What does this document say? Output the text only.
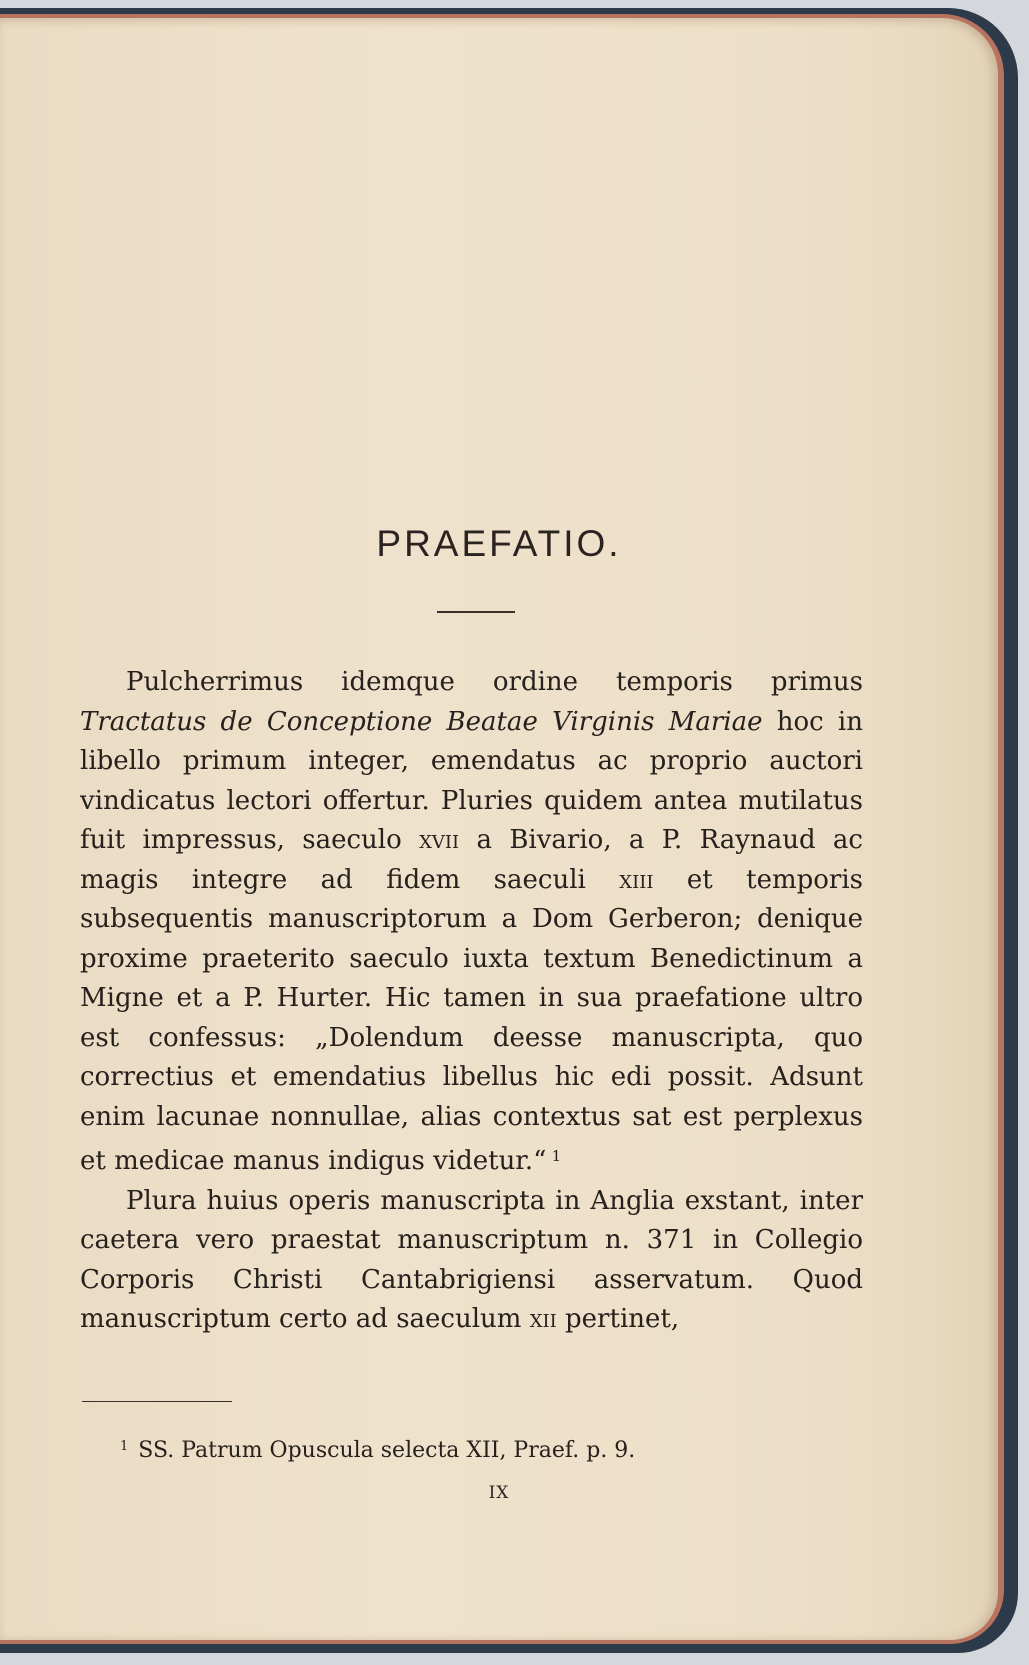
PRAEFATIO.

Pulcherrimus idemque ordine temporis primus Tractatus de Conceptione Beatae Virginis Mariae hoc in libello primum integer, emendatus ac proprio auctori vindicatus lectori offertur. Pluries quidem antea mutilatus fuit impressus, saeculo xvii a Bivario, a P. Raynaud ac magis integre ad fidem saeculi xiii et temporis subsequentis manuscriptorum a Dom Gerberon; denique proxime praeterito saeculo iuxta textum Benedictinum a Migne et a P. Hurter. Hic tamen in sua praefatione ultro est confessus: „Dolendum deesse manuscripta, quo correctius et emendatius libellus hic edi possit. Adsunt enim lacunae nonnullae, alias contextus sat est perplexus et medicae manus indigus videtur.“  $^1$

Plura huius operis manuscripta in Anglia exstant, inter caetera vero praestat manuscriptum n. 371 in Collegio Corporis Christi Cantabrigiensi asservatum. Quod manuscriptum certo ad saeculum xii pertinet,

$^1$ SS. Patrum Opuscula selecta XII, Praef. p. 9.
IX
